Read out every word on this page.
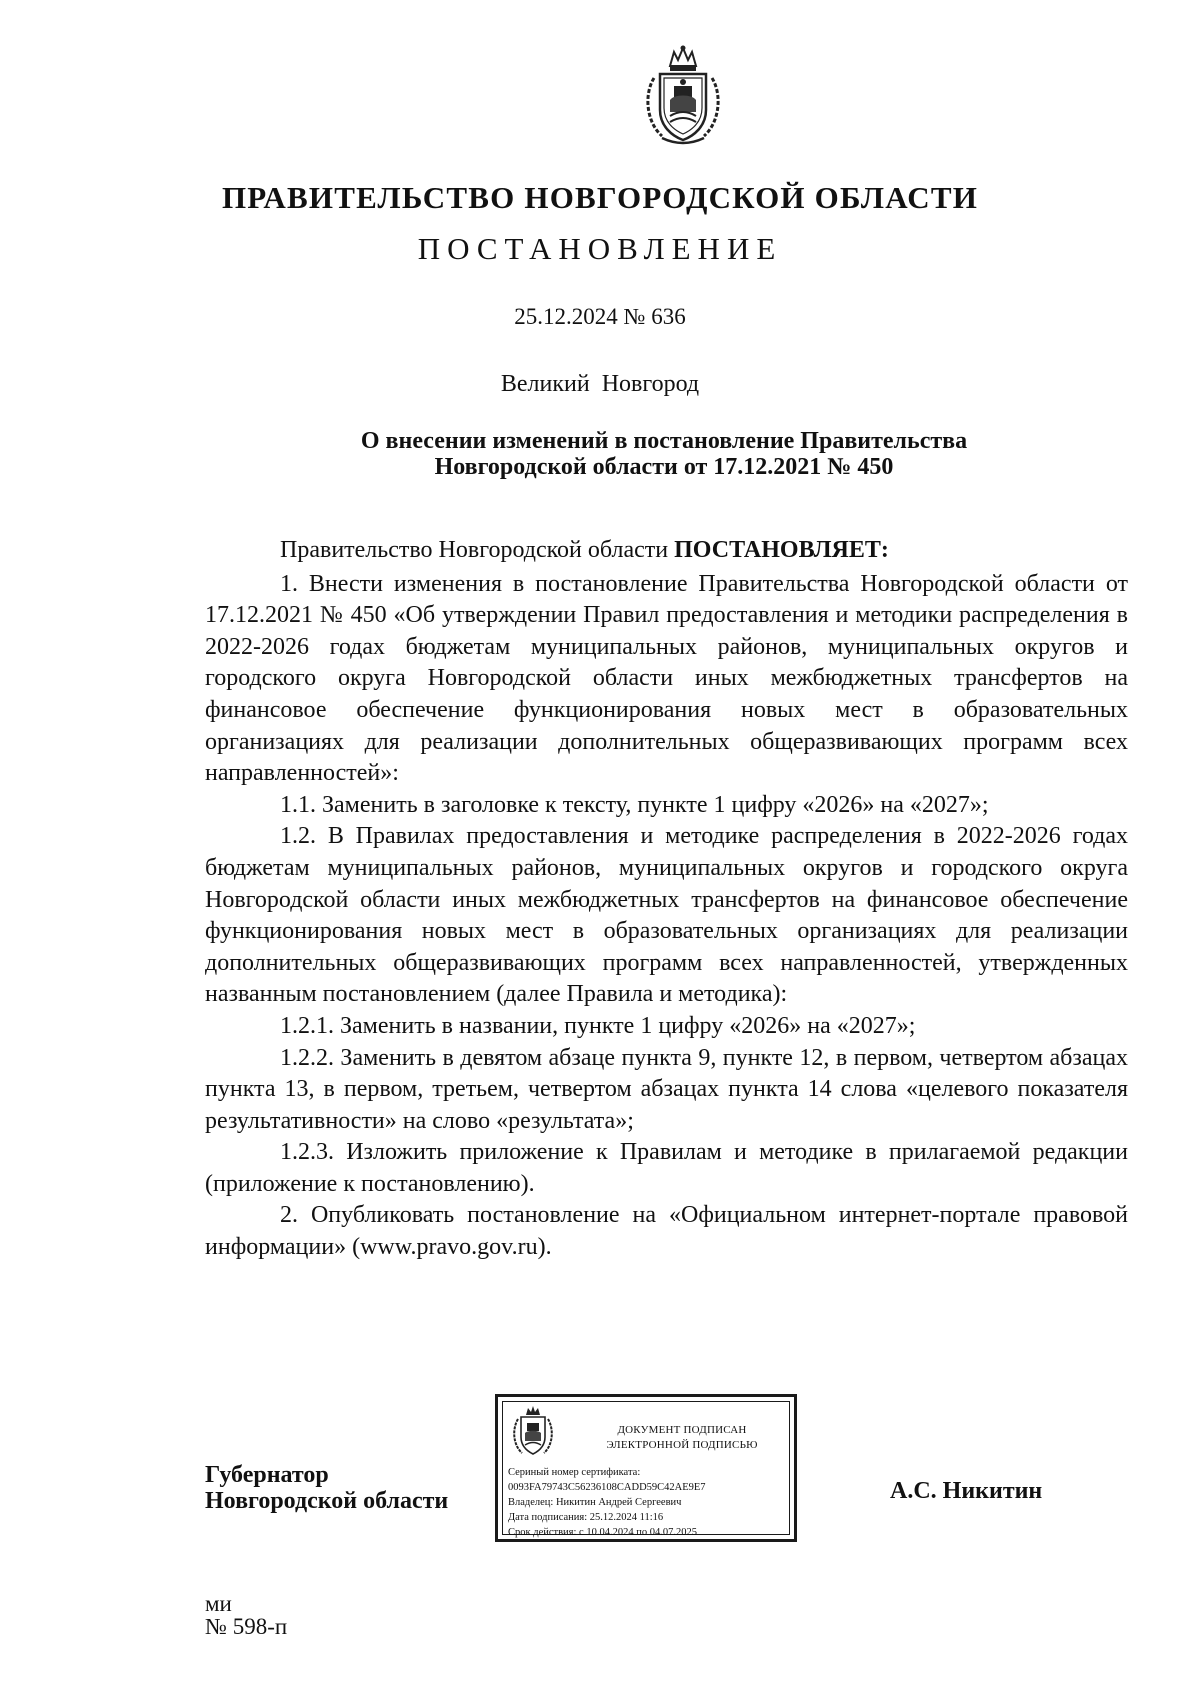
ПРАВИТЕЛЬСТВО НОВГОРОДСКОЙ ОБЛАСТИ
ПОСТАНОВЛЕНИЕ
25.12.2024 № 636
Великий Новгород
О внесении изменений в постановление Правительства
Новгородской области от 17.12.2021 № 450

Правительство Новгородской области ПОСТАНОВЛЯЕТ:

1. Внести изменения в постановление Правительства Новгородской области от 17.12.2021 № 450 «Об утверждении Правил предоставления и методики распределения в 2022-2026 годах бюджетам муниципальных районов, муниципальных округов и городского округа Новгородской области иных межбюджетных трансфертов на финансовое обеспечение функционирования новых мест в образовательных организациях для реализации дополнительных общеразвивающих программ всех направленностей»:

1.1. Заменить в заголовке к тексту, пункте 1 цифру «2026» на «2027»;

1.2. В Правилах предоставления и методике распределения в 2022-2026 годах бюджетам муниципальных районов, муниципальных округов и городского округа Новгородской области иных межбюджетных трансфертов на финансовое обеспечение функционирования новых мест в образовательных организациях для реализации дополнительных общеразвивающих программ всех направленностей, утвержденных названным постановлением (далее Правила и методика):

1.2.1. Заменить в названии, пункте 1 цифру «2026» на «2027»;

1.2.2. Заменить в девятом абзаце пункта 9, пункте 12, в первом, четвертом абзацах пункта 13, в первом, третьем, четвертом абзацах пункта 14 слова «целевого показателя результативности» на слово «результата»;

1.2.3. Изложить приложение к Правилам и методике в прилагаемой редакции (приложение к постановлению).

2. Опубликовать постановление на «Официальном интернет-портале правовой информации» (www.pravo.gov.ru).

Губернатор
Новгородской области
ДОКУМЕНТ ПОДПИСАН
ЭЛЕКТРОННОЙ ПОДПИСЬЮ
Сериный номер сертификата:
0093FA79743C56236108CADD59C42AE9E7
Владелец: Никитин Андрей Сергеевич
Дата подписания: 25.12.2024 11:16
Срок действия: с 10.04.2024 по 04.07.2025
А.С. Никитин
ми
№ 598-п
